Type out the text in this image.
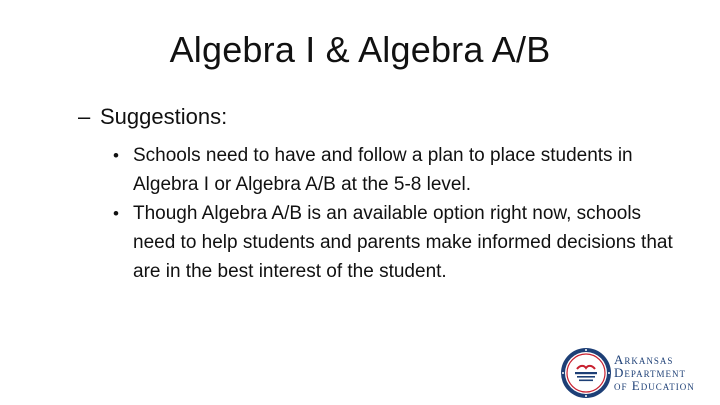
Algebra I & Algebra A/B
– Suggestions:
• Schools need to have and follow a plan to place students in Algebra I or Algebra A/B at the 5-8 level.
• Though Algebra A/B is an available option right now, schools need to help students and parents make informed decisions that are in the best interest of the student.
Arkansas
Department
of Education
